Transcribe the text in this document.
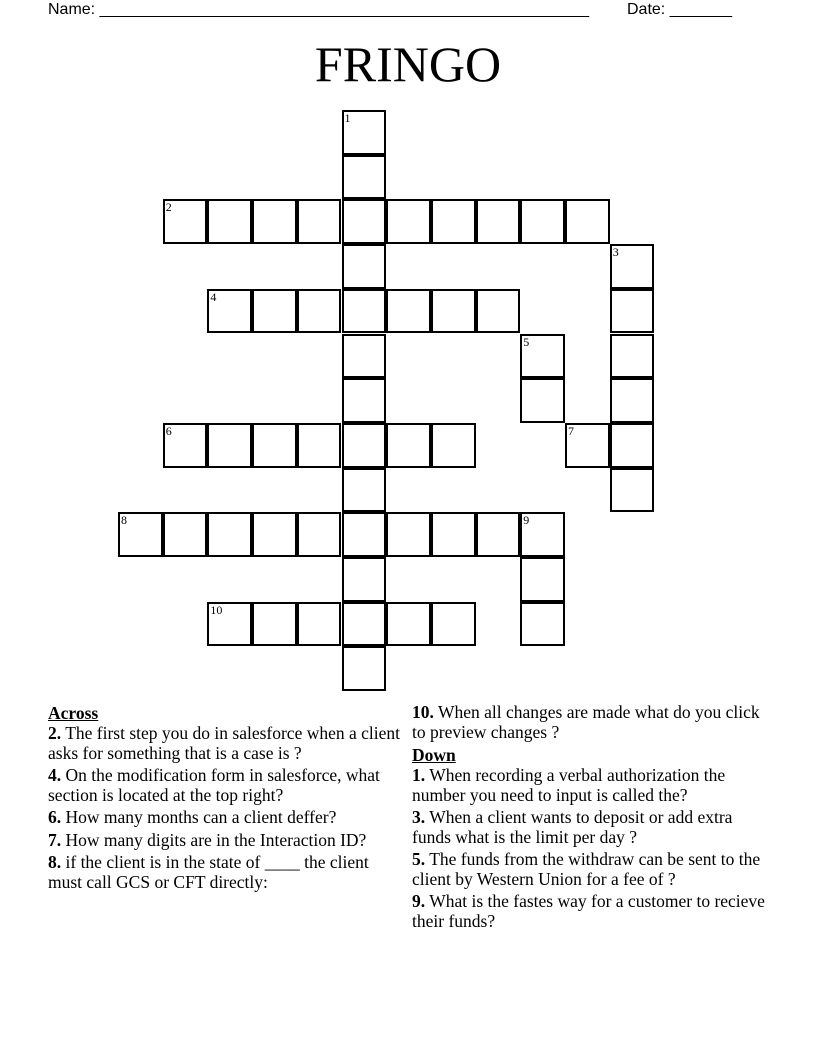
Name: _______________________________________________________ Date: _______
FRINGO
1
2
3
4
5
6	7
8	9
10
Across
2. The first step you do in salesforce when a client asks for something that is a case is ?
4. On the modification form in salesforce, what section is located at the top right?
6. How many months can a client deffer?
7. How many digits are in the Interaction ID?
8. if the client is in the state of ____ the client must call GCS or CFT directly:
10. When all changes are made what do you click to preview changes ?
Down
1. When recording a verbal authorization the number you need to input is called the?
3. When a client wants to deposit or add extra funds what is the limit per day ?
5. The funds from the withdraw can be sent to the client by Western Union for a fee of ?
9. What is the fastes way for a customer to recieve their funds?
